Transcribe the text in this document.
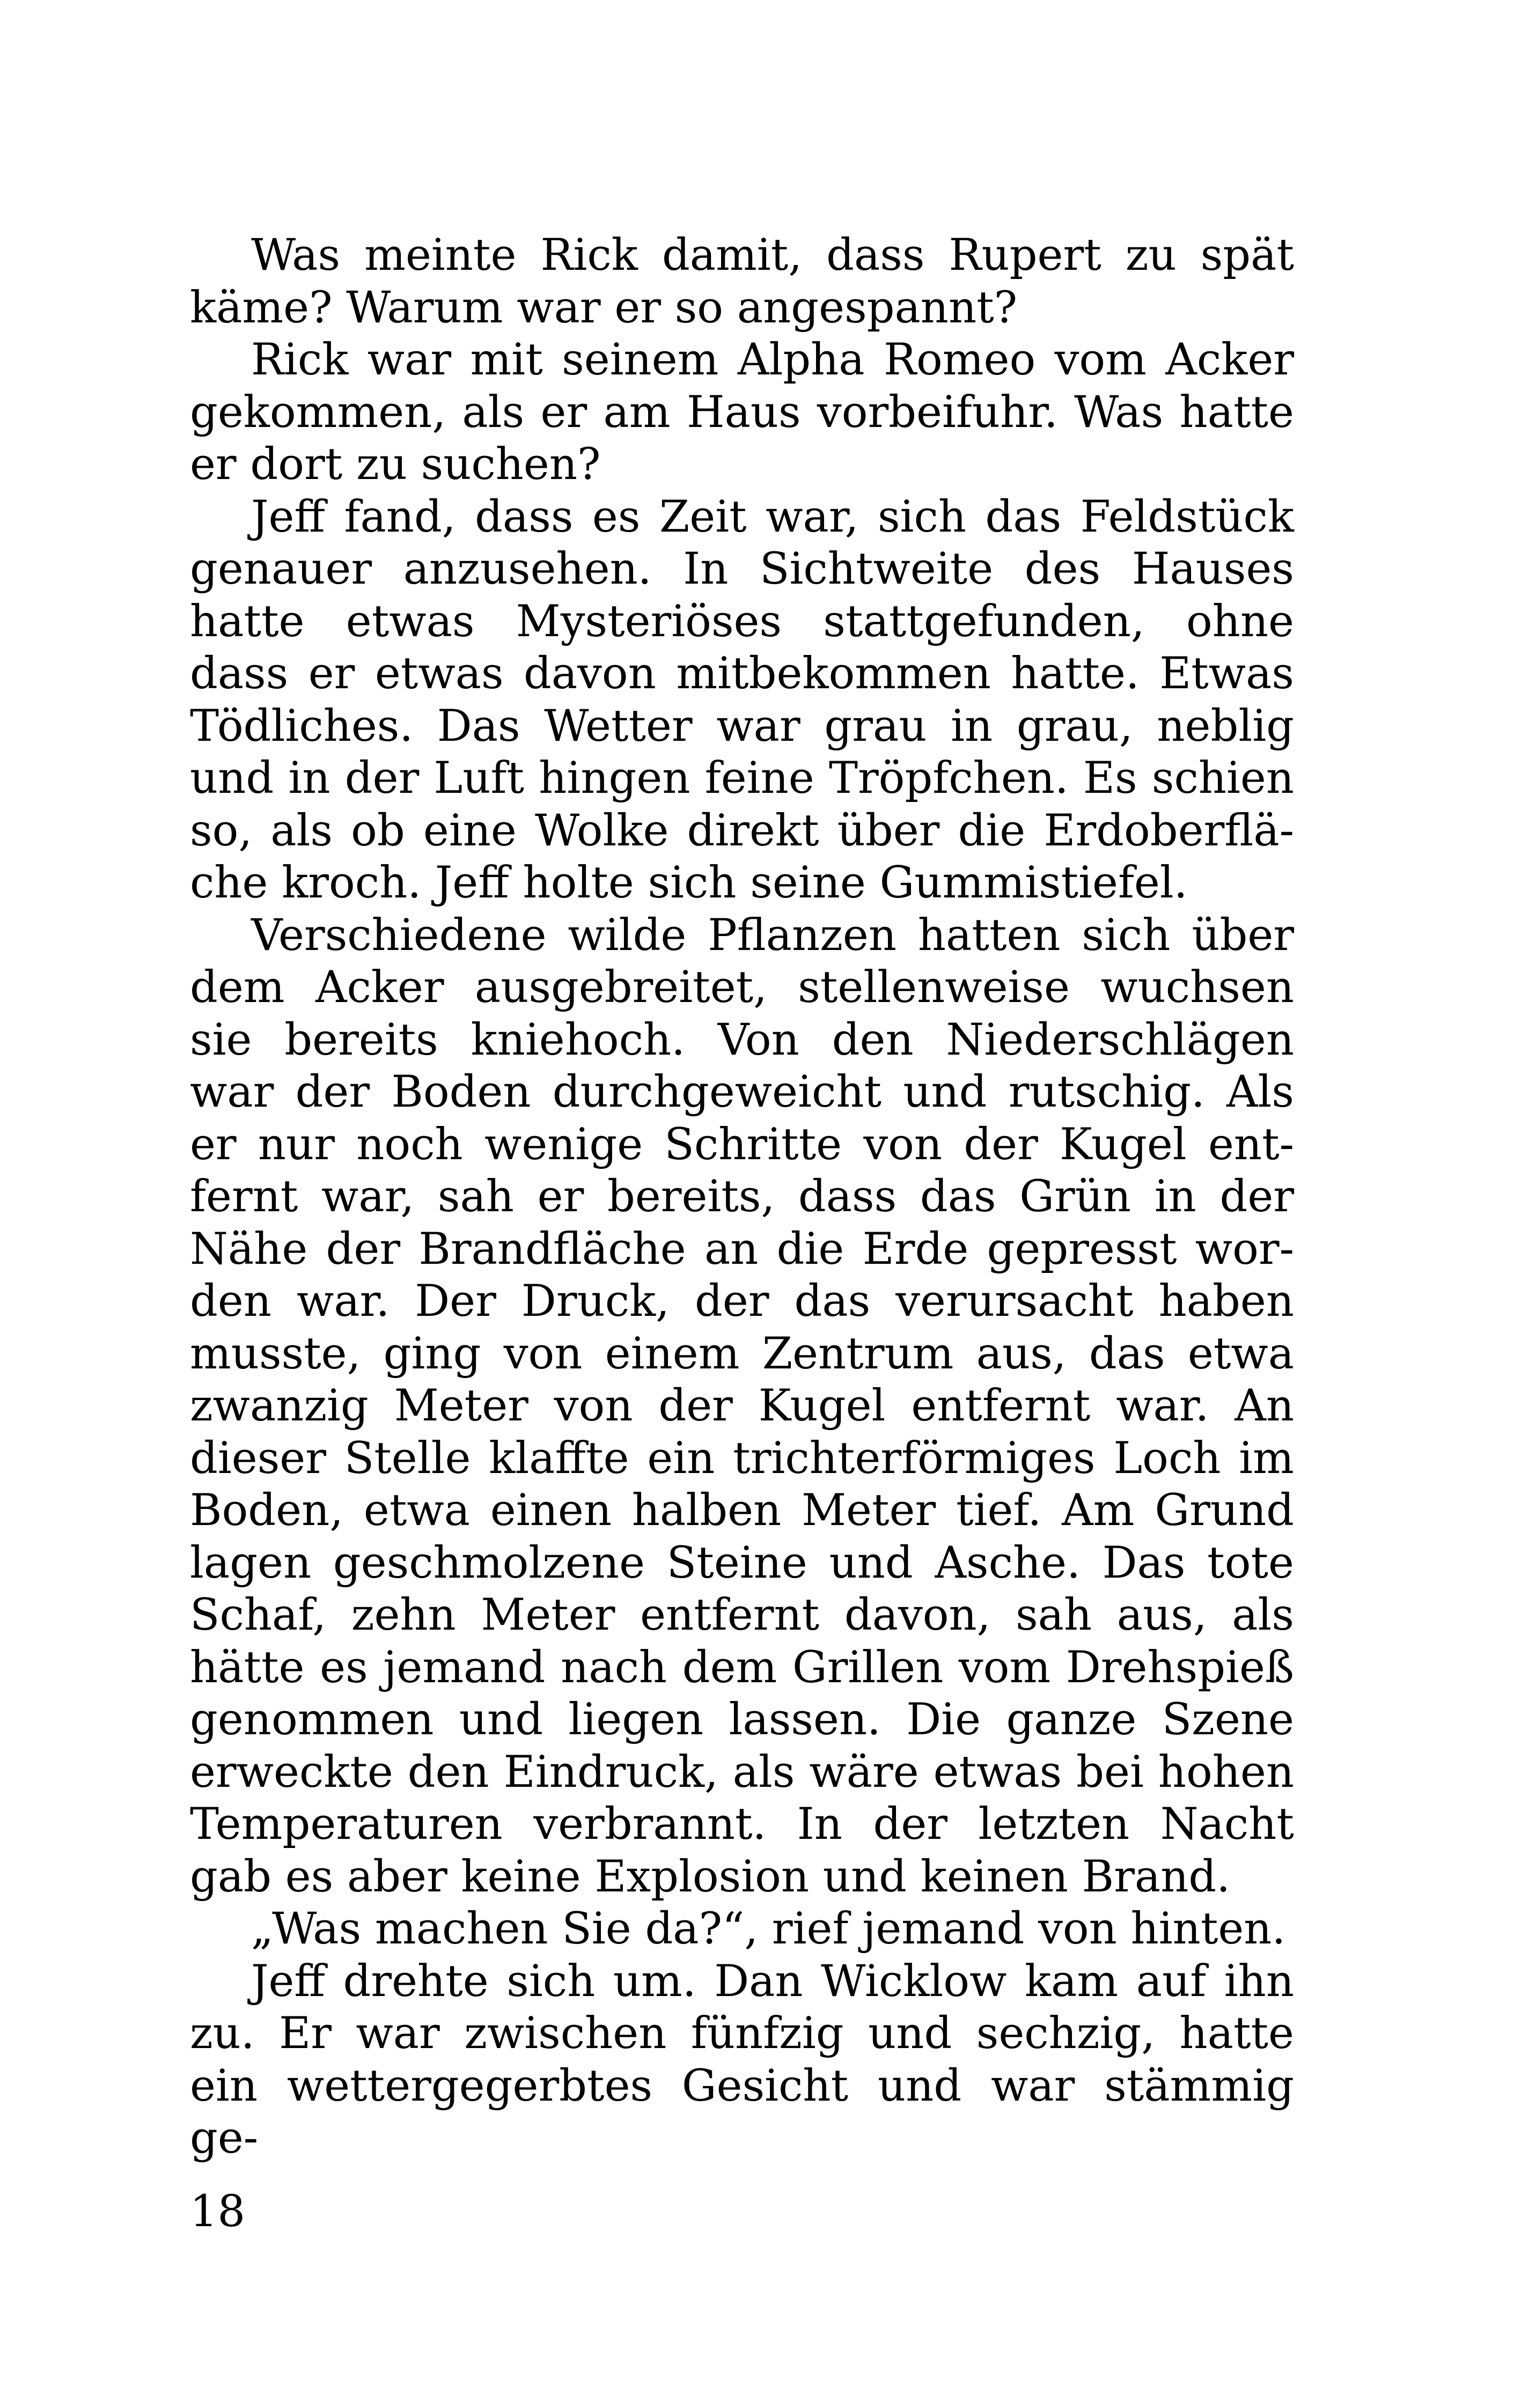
Was meinte Rick damit, dass Rupert zu spät käme? Warum war er so angespannt?

Rick war mit seinem Alpha Romeo vom Acker gekommen, als er am Haus vorbeifuhr. Was hatte er dort zu suchen?

Jeff fand, dass es Zeit war, sich das Feldstück genauer anzusehen. In Sichtweite des Hauses hatte etwas Mysteriöses stattgefunden, ohne dass er etwas davon mitbekommen hatte. Etwas Tödliches. Das Wetter war grau in grau, neblig und in der Luft hingen feine Tröpfchen. Es schien so, als ob eine Wolke direkt über die Erdoberfläche kroch. Jeff holte sich seine Gummistiefel.

Verschiedene wilde Pflanzen hatten sich über dem Acker ausgebreitet, stellenweise wuchsen sie bereits kniehoch. Von den Niederschlägen war der Boden durchgeweicht und rutschig. Als er nur noch wenige Schritte von der Kugel entfernt war, sah er bereits, dass das Grün in der Nähe der Brandfläche an die Erde gepresst worden war. Der Druck, der das verursacht haben musste, ging von einem Zentrum aus, das etwa zwanzig Meter von der Kugel entfernt war. An dieser Stelle klaffte ein trichterförmiges Loch im Boden, etwa einen halben Meter tief. Am Grund lagen geschmolzene Steine und Asche. Das tote Schaf, zehn Meter entfernt davon, sah aus, als hätte es jemand nach dem Grillen vom Drehspieß genommen und liegen lassen. Die ganze Szene erweckte den Eindruck, als wäre etwas bei hohen Temperaturen verbrannt. In der letzten Nacht gab es aber keine Explosion und keinen Brand.

„Was machen Sie da?“, rief jemand von hinten.

Jeff drehte sich um. Dan Wicklow kam auf ihn zu. Er war zwischen fünfzig und sechzig, hatte ein wettergegerbtes Gesicht und war stämmig ge-

18
